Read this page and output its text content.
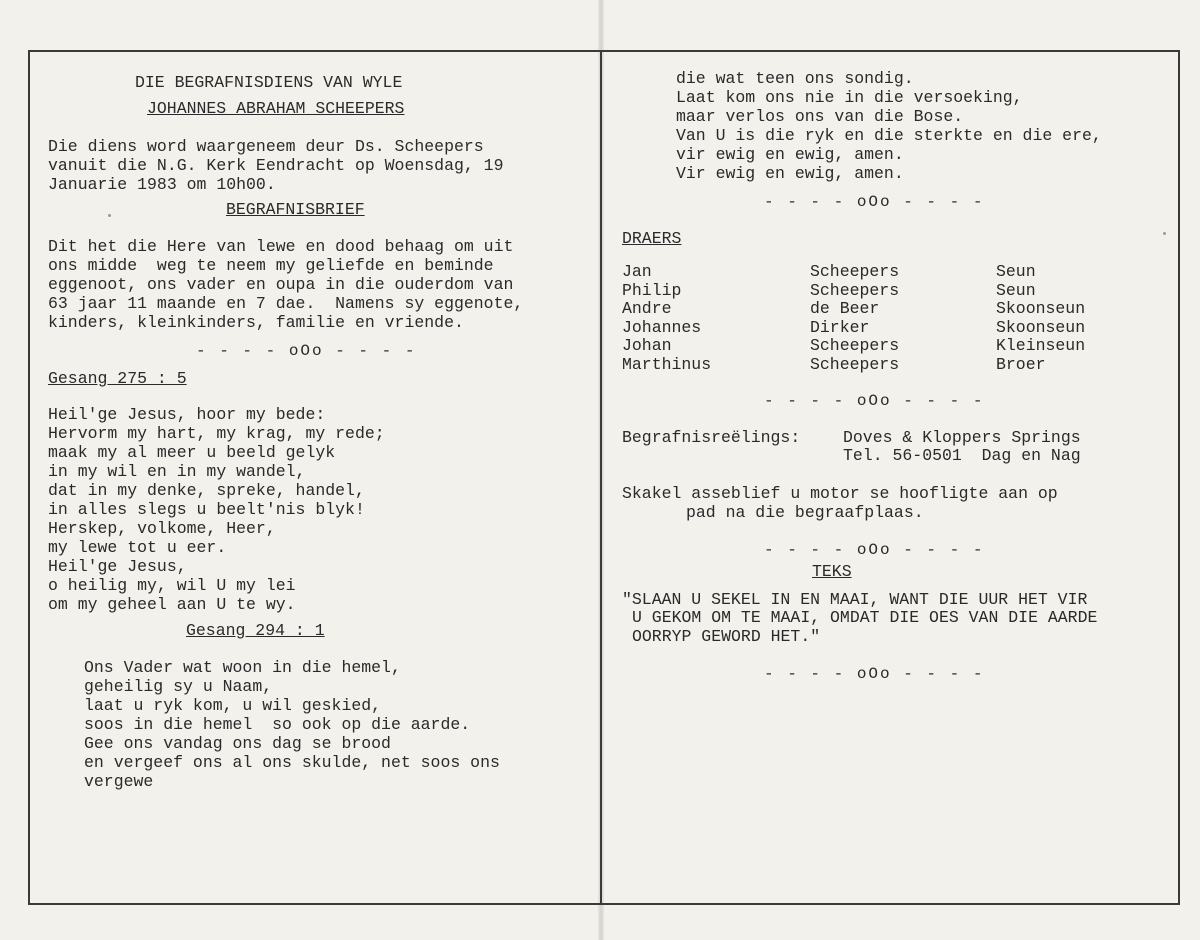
DIE BEGRAFNISDIENS VAN WYLE
JOHANNES ABRAHAM SCHEEPERS
Die diens word waargeneem deur Ds. Scheepers
vanuit die N.G. Kerk Eendracht op Woensdag, 19
Januarie 1983 om 10h00.
BEGRAFNISBRIEF
Dit het die Here van lewe en dood behaag om uit
ons midde  weg te neem my geliefde en beminde
eggenoot, ons vader en oupa in die ouderdom van
63 jaar 11 maande en 7 dae.  Namens sy eggenote,
kinders, kleinkinders, familie en vriende.
- - - - oOo - - - -
Gesang 275 : 5
Heil'ge Jesus, hoor my bede:
Hervorm my hart, my krag, my rede;
maak my al meer u beeld gelyk
in my wil en in my wandel,
dat in my denke, spreke, handel,
in alles slegs u beelt'nis blyk!
Herskep, volkome, Heer,
my lewe tot u eer.
Heil'ge Jesus,
o heilig my, wil U my lei
om my geheel aan U te wy.
Gesang 294 : 1
Ons Vader wat woon in die hemel,
geheilig sy u Naam,
laat u ryk kom, u wil geskied,
soos in die hemel  so ook op die aarde.
Gee ons vandag ons dag se brood
en vergeef ons al ons skulde, net soos ons
vergewe
die wat teen ons sondig.
Laat kom ons nie in die versoeking,
maar verlos ons van die Bose.
Van U is die ryk en die sterkte en die ere,
vir ewig en ewig, amen.
Vir ewig en ewig, amen.
- - - - oOo - - - -
DRAERS
Jan	Scheepers	Seun
Philip	Scheepers	Seun
Andre	de Beer	Skoonseun
Johannes	Dirker	Skoonseun
Johan	Scheepers	Kleinseun
Marthinus	Scheepers	Broer
- - - - oOo - - - -
Begrafnisreëlings:	Doves & Kloppers Springs
Tel. 56-0501  Dag en Nag
Skakel asseblief u motor se hoofligte aan op
pad na die begraafplaas.
- - - - oOo - - - -
TEKS
"SLAAN U SEKEL IN EN MAAI, WANT DIE UUR HET VIR
U GEKOM OM TE MAAI, OMDAT DIE OES VAN DIE AARDE
OORRYP GEWORD HET."
- - - - oOo - - - -
